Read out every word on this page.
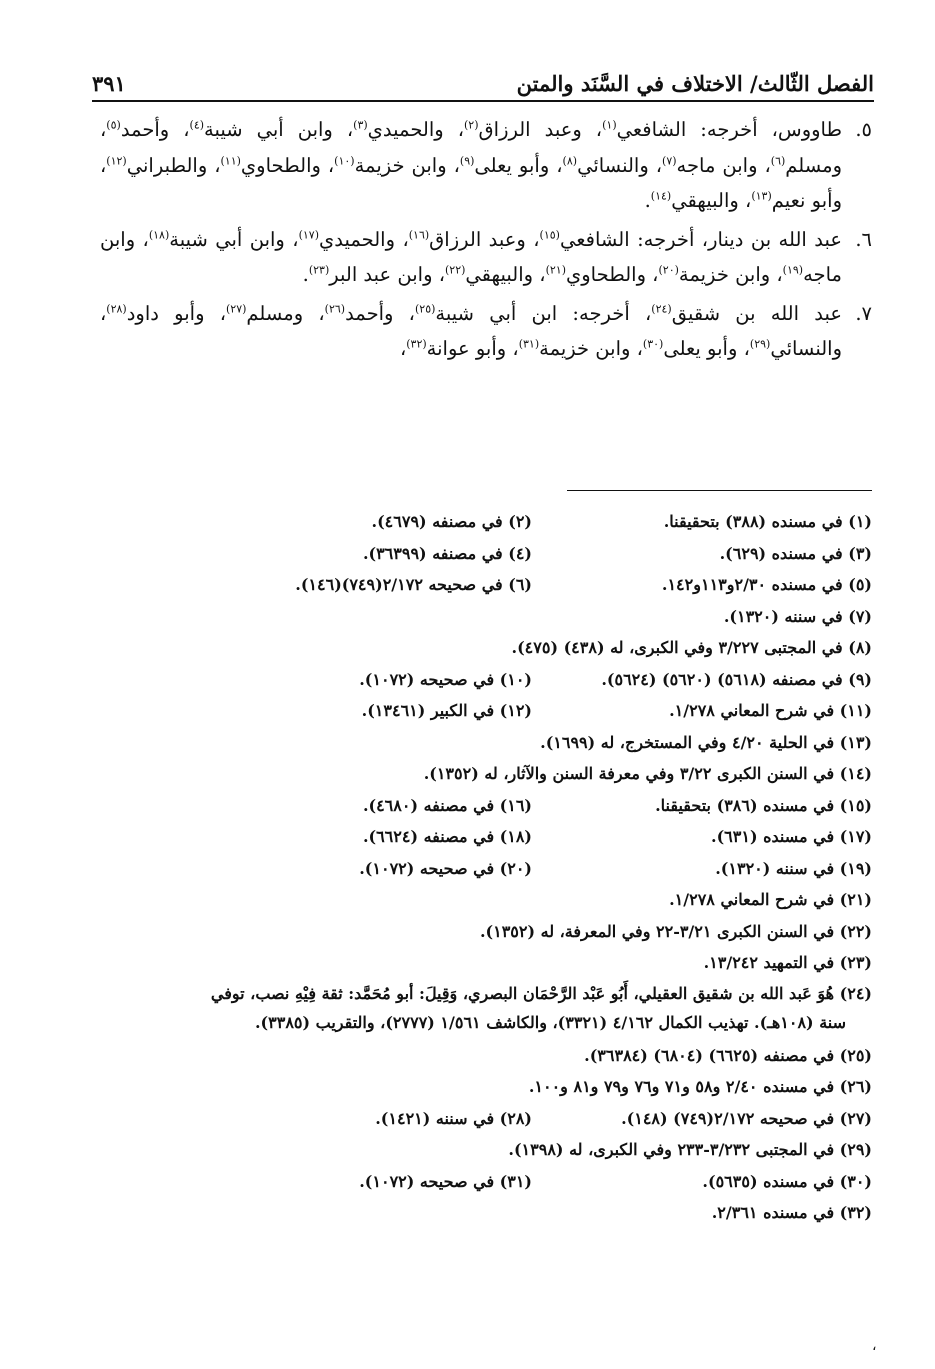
الفصل الثّالث/ الاختلاف في السَّنَد والمتن
٣٩١
٥.
طاووس، أخرجه: الشافعي$^{(١)}$، وعبد الرزاق$^{(٢)}$، والحميدي$^{(٣)}$، وابن أبي شيبة$^{(٤)}$، وأحمد$^{(٥)}$، ومسلم$^{(٦)}$، وابن ماجه$^{(٧)}$، والنسائي$^{(٨)}$، وأبو يعلى$^{(٩)}$، وابن خزيمة$^{(١٠)}$، والطحاوي$^{(١١)}$، والطبراني$^{(١٢)}$، وأبو نعيم$^{(١٣)}$، والبيهقي$^{(١٤)}$.
٦.
عبد الله بن دينار، أخرجه: الشافعي$^{(١٥)}$، وعبد الرزاق$^{(١٦)}$، والحميدي$^{(١٧)}$، وابن أبي شيبة$^{(١٨)}$، وابن ماجه$^{(١٩)}$، وابن خزيمة$^{(٢٠)}$، والطحاوي$^{(٢١)}$، والبيهقي$^{(٢٢)}$، وابن عبد البر$^{(٢٣)}$.
٧.
عبد الله بن شقيق$^{(٢٤)}$، أخرجه: ابن أبي شيبة$^{(٢٥)}$، وأحمد$^{(٢٦)}$، ومسلم$^{(٢٧)}$، وأبو داود$^{(٢٨)}$، والنسائي$^{(٢٩)}$، وأبو يعلى$^{(٣٠)}$، وابن خزيمة$^{(٣١)}$، وأبو عوانة$^{(٣٢)}$،
(١) في مسنده (٣٨٨) بتحقيقنا.
(٢) في مصنفه (٤٦٧٩).
(٣) في مسنده (٦٢٩).
(٤) في مصنفه (٣٦٣٩٩).
(٥) في مسنده ٢/٣٠و١١٣و١٤٢.
(٦) في صحيحه ٢/١٧٢(٧٤٩)(١٤٦).
(٧) في سننه (١٣٢٠).
(٨) في المجتبى ٣/٢٢٧ وفي الكبرى، له (٤٣٨) (٤٧٥).
(٩) في مصنفه (٥٦١٨) (٥٦٢٠) (٥٦٢٤).
(١٠) في صحيحه (١٠٧٢).
(١١) في شرح المعاني ١/٢٧٨.
(١٢) في الكبير (١٣٤٦١).
(١٣) في الحلية ٤/٢٠ وفي المستخرج، له (١٦٩٩).
(١٤) في السنن الكبرى ٣/٢٢ وفي معرفة السنن والآثار، له (١٣٥٢).
(١٥) في مسنده (٣٨٦) بتحقيقنا.
(١٦) في مصنفه (٤٦٨٠).
(١٧) في مسنده (٦٣١).
(١٨) في مصنفه (٦٦٢٤).
(١٩) في سننه (١٣٢٠).
(٢٠) في صحيحه (١٠٧٢).
(٢١) في شرح المعاني ١/٢٧٨.
(٢٢) في السنن الكبرى ٣/٢١-٢٢ وفي المعرفة، له (١٣٥٢).
(٢٣) في التمهيد ١٣/٢٤٢.
(٢٤) هُوَ عَبد الله بن شقيق العقيلي، أَبُو عَبْد الرَّحْمَان البصري، وَقِيلَ: أبو مُحَمَّد: ثقة فِيْهِ نصب، توفي
سنة (١٠٨هـ). تهذيب الكمال ٤/١٦٢ (٣٣٢١)، والكاشف ١/٥٦١ (٢٧٧٧)، والتقريب (٣٣٨٥).
(٢٥) في مصنفه (٦٦٢٥) (٦٨٠٤) (٣٦٣٨٤).
(٢٦) في مسنده ٢/٤٠ و٥٨ و٧١ و٧٦ و٧٩ و٨١ و١٠٠.
(٢٧) في صحيحه ٢/١٧٢(٧٤٩) (١٤٨).
(٢٨) في سننه (١٤٢١).
(٢٩) في المجتبى ٣/٢٣٢-٢٣٣ وفي الكبرى، له (١٣٩٨).
(٣٠) في مسنده (٥٦٣٥).
(٣١) في صحيحه (١٠٧٢).
(٣٢) في مسنده ٢/٣٦١.
،
